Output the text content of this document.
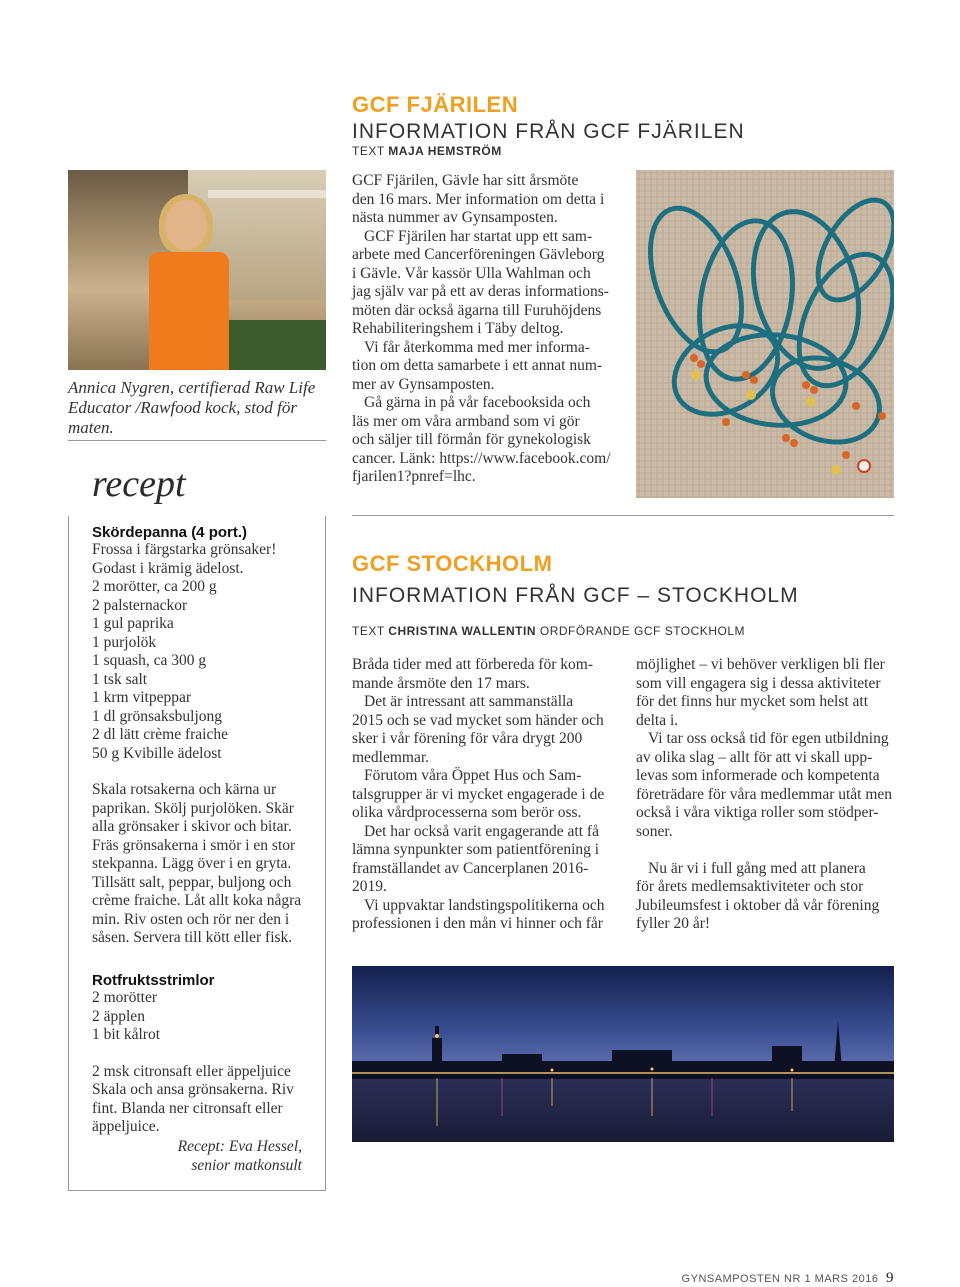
Annica Nygren, certifierad Raw Life Educator /Rawfood kock, stod för maten.
recept
Skördepanna (4 port.)
Frossa i färgstarka grönsaker!
Godast i krämig ädelost.
2 morötter, ca 200 g
2 palsternackor
1 gul paprika
1 purjolök
1 squash, ca 300 g
1 tsk salt
1 krm vitpeppar
1 dl grönsaksbuljong
2 dl lätt crème fraiche
50 g Kvibille ädelost
Skala rotsakerna och kärna ur
paprikan. Skölj purjolöken. Skär
alla grönsaker i skivor och bitar.
Fräs grönsakerna i smör i en stor
stekpanna. Lägg över i en gryta.
Tillsätt salt, peppar, buljong och
crème fraiche. Låt allt koka några
min. Riv osten och rör ner den i
såsen. Servera till kött eller fisk.
Rotfruktsstrimlor
2 morötter
2 äpplen
1 bit kålrot
2 msk citronsaft eller äppeljuice
Skala och ansa grönsakerna. Riv
fint. Blanda ner citronsaft eller
äppeljuice.
Recept: Eva Hessel,
senior matkonsult
GCF FJÄRILEN
INFORMATION FRÅN GCF FJÄRILEN
TEXT MAJA HEMSTRÖM
GCF Fjärilen, Gävle har sitt årsmöte
den 16 mars. Mer information om detta i
nästa nummer av Gynsamposten.
GCF Fjärilen har startat upp ett sam-
arbete med Cancerföreningen Gävleborg
i Gävle. Vår kassör Ulla Wahlman och
jag själv var på ett av deras informations-
möten där också ägarna till Furuhöjdens
Rehabiliteringshem i Täby deltog.
Vi får återkomma med mer informa-
tion om detta samarbete i ett annat num-
mer av Gynsamposten.
Gå gärna in på vår facebooksida och
läs mer om våra armband som vi gör
och säljer till förmån för gynekologisk
cancer. Länk: https://www.facebook.com/
fjarilen1?pnref=lhc.
GCF STOCKHOLM
INFORMATION FRÅN GCF – STOCKHOLM
TEXT CHRISTINA WALLENTIN ORDFÖRANDE GCF STOCKHOLM
Bråda tider med att förbereda för kom-
mande årsmöte den 17 mars.
Det är intressant att sammanställa
2015 och se vad mycket som händer och
sker i vår förening för våra drygt 200
medlemmar.
Förutom våra Öppet Hus och Sam-
talsgrupper är vi mycket engagerade i de
olika vårdprocesserna som berör oss.
Det har också varit engagerande att få
lämna synpunkter som patientförening i
framställandet av Cancerplanen 2016-
2019.
Vi uppvaktar landstingspolitikerna och
professionen i den mån vi hinner och får
möjlighet – vi behöver verkligen bli fler
som vill engagera sig i dessa aktiviteter
för det finns hur mycket som helst att
delta i.
Vi tar oss också tid för egen utbildning
av olika slag – allt för att vi skall upp-
levas som informerade och kompetenta
företrädare för våra medlemmar utåt men
också i våra viktiga roller som stödper-
soner.

Nu är vi i full gång med att planera
för årets medlemsaktiviteter och stor
Jubileumsfest i oktober då vår förening
fyller 20 år!
GYNSAMPOSTEN NR 1 MARS 2016 9
